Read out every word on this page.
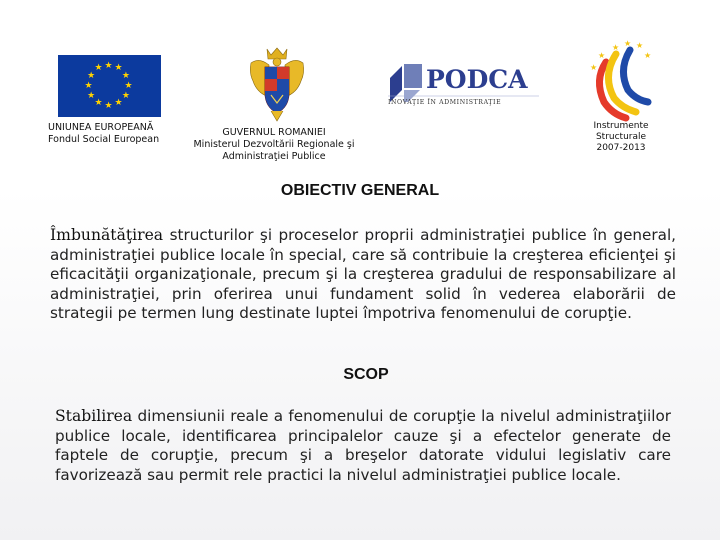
★ ★
★
★
★
★
★
★
★
★
★
★
UNIUNEA EUROPEANĂ
Fondul Social European
GUVERNUL ROMANIEI
Ministerul Dezvoltării Regionale şi
Administraţiei Publice
PODCA
INOVAŢIE ÎN ADMINISTRAŢIE
★ ★ ★
★
★
★
Instrumente
Structurale
2007-2013
OBIECTIV GENERAL
Îmbunătăţirea structurilor şi proceselor proprii administraţiei publice în general, administraţiei publice locale în special, care să contribuie la creşterea eficienţei şi eficacităţii organizaţionale, precum şi la creşterea gradului de responsabilizare al administraţiei, prin oferirea unui fundament solid în vederea elaborării de strategii pe termen lung destinate luptei împotriva fenomenului de corupţie.
SCOP
Stabilirea dimensiunii reale a fenomenului de corupţie la nivelul administraţiilor publice locale, identificarea principalelor cauze şi a efectelor generate de faptele de corupţie, precum şi a breşelor datorate vidului legislativ care favorizează sau permit rele practici la nivelul administraţiei publice locale.
